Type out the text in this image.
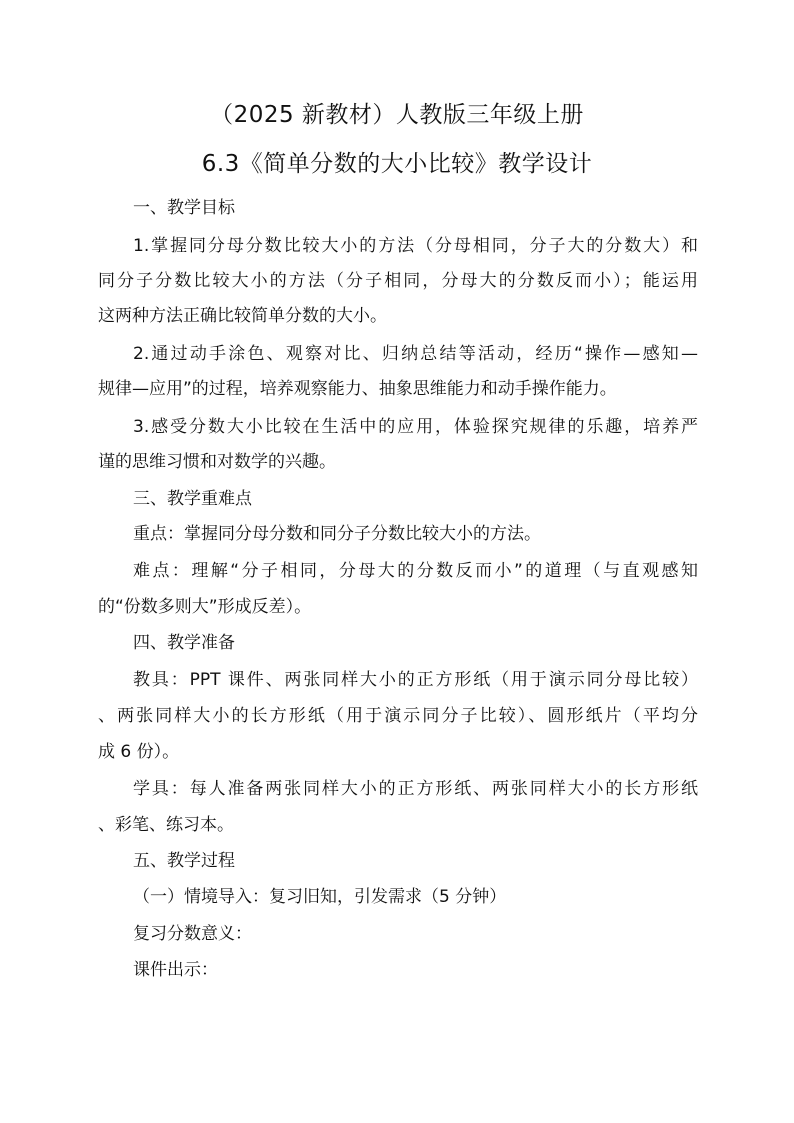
（2025 新教材）人教版三年级上册
6.3《简单分数的大小比较》教学设计
一、教学目标
1.掌握同分母分数比较大小的方法（分母相同，分子大的分数大）和
同分子分数比较大小的方法（分子相同，分母大的分数反而小）；能运用
这两种方法正确比较简单分数的大小。
2.通过动手涂色、观察对比、归纳总结等活动，经历“操作—感知—
规律—应用”的过程，培养观察能力、抽象思维能力和动手操作能力。
3.感受分数大小比较在生活中的应用，体验探究规律的乐趣，培养严
谨的思维习惯和对数学的兴趣。
三、教学重难点
重点：掌握同分母分数和同分子分数比较大小的方法。
难点：理解“分子相同，分母大的分数反而小”的道理（与直观感知
的“份数多则大”形成反差）。
四、教学准备
教具：PPT 课件、两张同样大小的正方形纸（用于演示同分母比较）
、两张同样大小的长方形纸（用于演示同分子比较）、圆形纸片（平均分
成 6 份）。
学具：每人准备两张同样大小的正方形纸、两张同样大小的长方形纸
、彩笔、练习本。
五、教学过程
（一）情境导入：复习旧知，引发需求（5 分钟）
复习分数意义：
课件出示：
